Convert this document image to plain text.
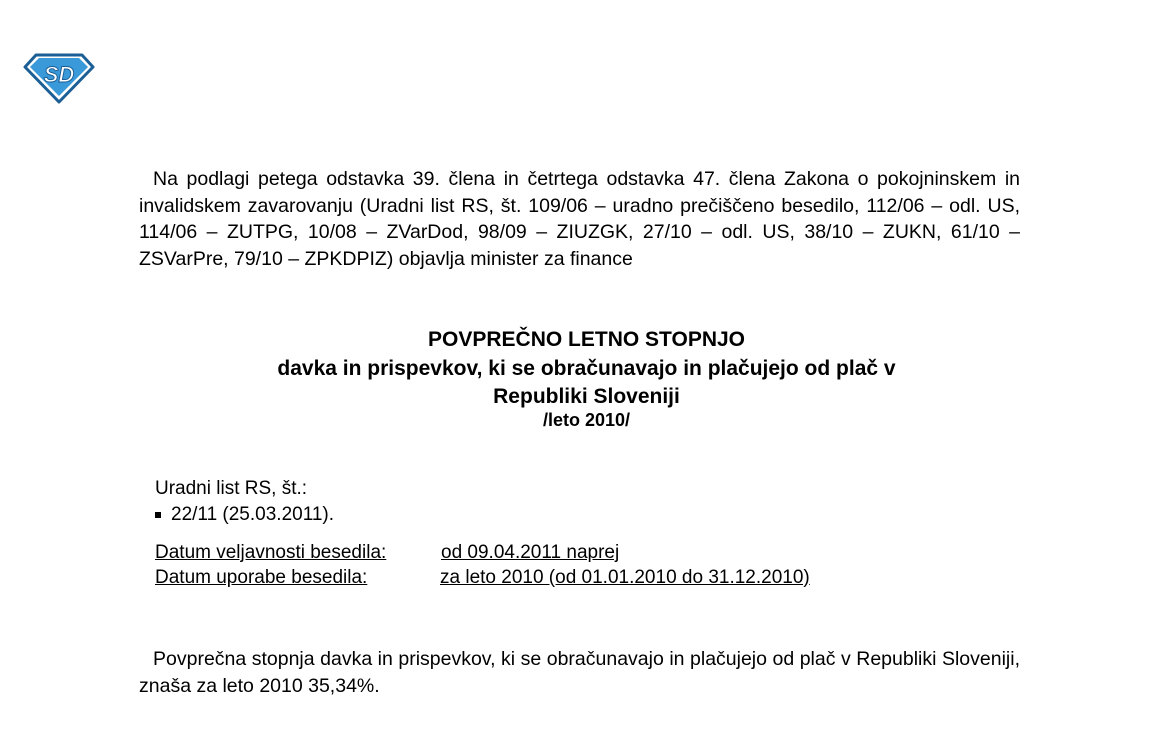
SD
Na podlagi petega odstavka 39. člena in četrtega odstavka 47. člena Zakona o pokojninskem in invalidskem zavarovanju (Uradni list RS, št. 109/06 – uradno prečiščeno besedilo, 112/06 – odl. US, 114/06 – ZUTPG, 10/08 – ZVarDod, 98/09 – ZIUZGK, 27/10 – odl. US, 38/10 – ZUKN, 61/10 – ZSVarPre, 79/10 – ZPKDPIZ) objavlja minister za finance
POVPREČNO LETNO STOPNJO
davka in prispevkov, ki se obračunavajo in plačujejo od plač v
Republiki Sloveniji
/leto 2010/
Uradni list RS, št.:
22/11 (25.03.2011).
Datum veljavnosti besedila:	od 09.04.2011 naprej
Datum uporabe besedila:	za leto 2010 (od 01.01.2010 do 31.12.2010)
Povprečna stopnja davka in prispevkov, ki se obračunavajo in plačujejo od plač v Republiki Sloveniji, znaša za leto 2010 35,34%.
